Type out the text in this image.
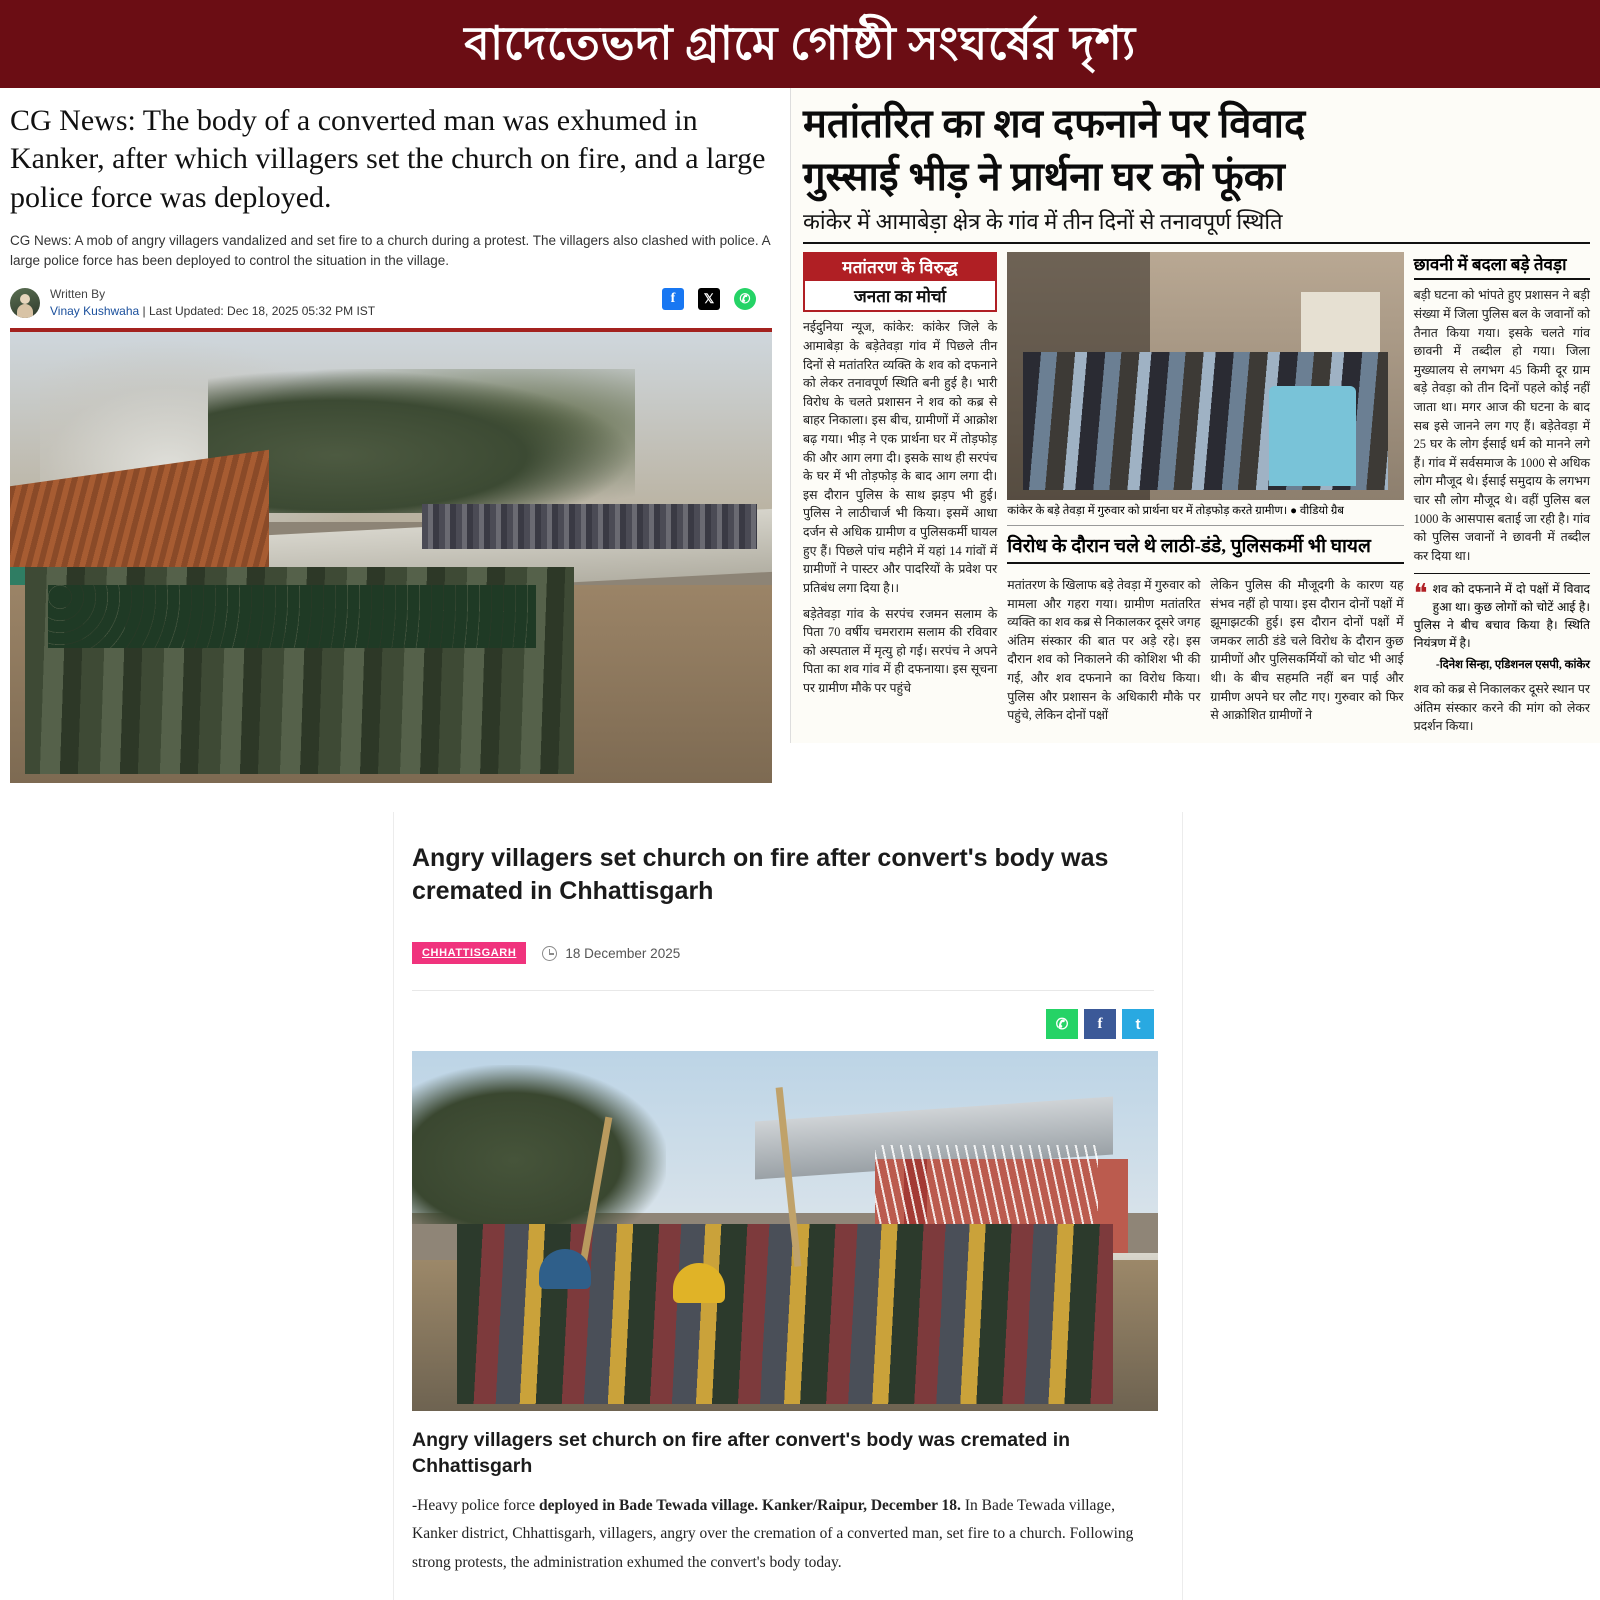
বাদেতেভদা গ্রামে গোষ্ঠী সংঘর্ষের দৃশ্য
CG News: The body of a converted man was exhumed in Kanker, after which villagers set the church on fire, and a large police force was deployed.

CG News: A mob of angry villagers vandalized and set fire to a church during a protest. The villagers also clashed with police. A large police force has been deployed to control the situation in the village.

Written By
Vinay Kushwaha | Last Updated: Dec 18, 2025 05:32 PM IST
f	𝕏	✆
मतांतरित का शव दफनाने पर विवाद
गुस्साई भीड़ ने प्रार्थना घर को फूंका
कांकेर में आमाबेड़ा क्षेत्र के गांव में तीन दिनों से तनावपूर्ण स्थिति
मतांतरण के विरुद्ध
जनता का मोर्चा

नईदुनिया न्यूज, कांकेर: कांकेर जिले के आमाबेड़ा के बड़ेतेवड़ा गांव में पिछले तीन दिनों से मतांतरित व्यक्ति के शव को दफनाने को लेकर तनावपूर्ण स्थिति बनी हुई है। भारी विरोध के चलते प्रशासन ने शव को कब्र से बाहर निकाला। इस बीच, ग्रामीणों में आक्रोश बढ़ गया। भीड़ ने एक प्रार्थना घर में तोड़फोड़ की और आग लगा दी। इसके साथ ही सरपंच के घर में भी तोड़फोड़ के बाद आग लगा दी। इस दौरान पुलिस के साथ झड़प भी हुई। पुलिस ने लाठीचार्ज भी किया। इसमें आधा दर्जन से अधिक ग्रामीण व पुलिसकर्मी घायल हुए हैं। पिछले पांच महीने में यहां 14 गांवों में ग्रामीणों ने पास्टर और पादरियों के प्रवेश पर प्रतिबंध लगा दिया है।।

बड़ेतेवड़ा गांव के सरपंच रजमन सलाम के पिता 70 वर्षीय चमराराम सलाम की रविवार को अस्पताल में मृत्यु हो गई। सरपंच ने अपने पिता का शव गांव में ही दफनाया। इस सूचना पर ग्रामीण मौके पर पहुंचे

कांकेर के बड़े तेवड़ा में गुरुवार को प्रार्थना घर में तोड़फोड़ करते ग्रामीण। ● वीडियो ग्रैब
विरोध के दौरान चले थे लाठी-डंडे, पुलिसकर्मी भी घायल

मतांतरण के खिलाफ बड़े तेवड़ा में गुरुवार को मामला और गहरा गया। ग्रामीण मतांतरित व्यक्ति का शव कब्र से निकालकर दूसरे जगह अंतिम संस्कार की बात पर अड़े रहे। इस दौरान शव को निकालने की कोशिश भी की गई, और शव दफनाने का विरोध किया। पुलिस और प्रशासन के अधिकारी मौके पर पहुंचे, लेकिन दोनों पक्षों

लेकिन पुलिस की मौजूदगी के कारण यह संभव नहीं हो पाया। इस दौरान दोनों पक्षों में झूमाझटकी हुई। इस दौरान दोनों पक्षों में जमकर लाठी डंडे चले विरोध के दौरान कुछ ग्रामीणों और पुलिसकर्मियों को चोट भी आई थी। के बीच सहमति नहीं बन पाई और ग्रामीण अपने घर लौट गए। गुरुवार को फिर से आक्रोशित ग्रामीणों ने

छावनी में बदला बड़े तेवड़ा

बड़ी घटना को भांपते हुए प्रशासन ने बड़ी संख्या में जिला पुलिस बल के जवानों को तैनात किया गया। इसके चलते गांव छावनी में तब्दील हो गया। जिला मुख्यालय से लगभग 45 किमी दूर ग्राम बड़े तेवड़ा को तीन दिनों पहले कोई नहीं जाता था। मगर आज की घटना के बाद सब इसे जानने लग गए हैं। बड़ेतेवड़ा में 25 घर के लोग ईसाई धर्म को मानने लगे हैं। गांव में सर्वसमाज के 1000 से अधिक लोग मौजूद थे। ईसाई समुदाय के लगभग चार सौ लोग मौजूद थे। वहीं पुलिस बल 1000 के आसपास बताई जा रही है। गांव को पुलिस जवानों ने छावनी में तब्दील कर दिया था।

❝ शव को दफनाने में दो पक्षों में विवाद हुआ था। कुछ लोगों को चोटें आई है। पुलिस ने बीच बचाव किया है। स्थिति नियंत्रण में है।
-दिनेश सिन्हा, एडिशनल एसपी, कांकेर

शव को कब्र से निकालकर दूसरे स्थान पर अंतिम संस्कार करने की मांग को लेकर प्रदर्शन किया।

Angry villagers set church on fire after convert's body was cremated in Chhattisgarh
CHHATTISGARH	18 December 2025
✆	f	t
Angry villagers set church on fire after convert's body was cremated in Chhattisgarh
-Heavy police force deployed in Bade Tewada village. Kanker/Raipur, December 18. In Bade Tewada village, Kanker district, Chhattisgarh, villagers, angry over the cremation of a converted man, set fire to a church. Following strong protests, the administration exhumed the convert's body today.
